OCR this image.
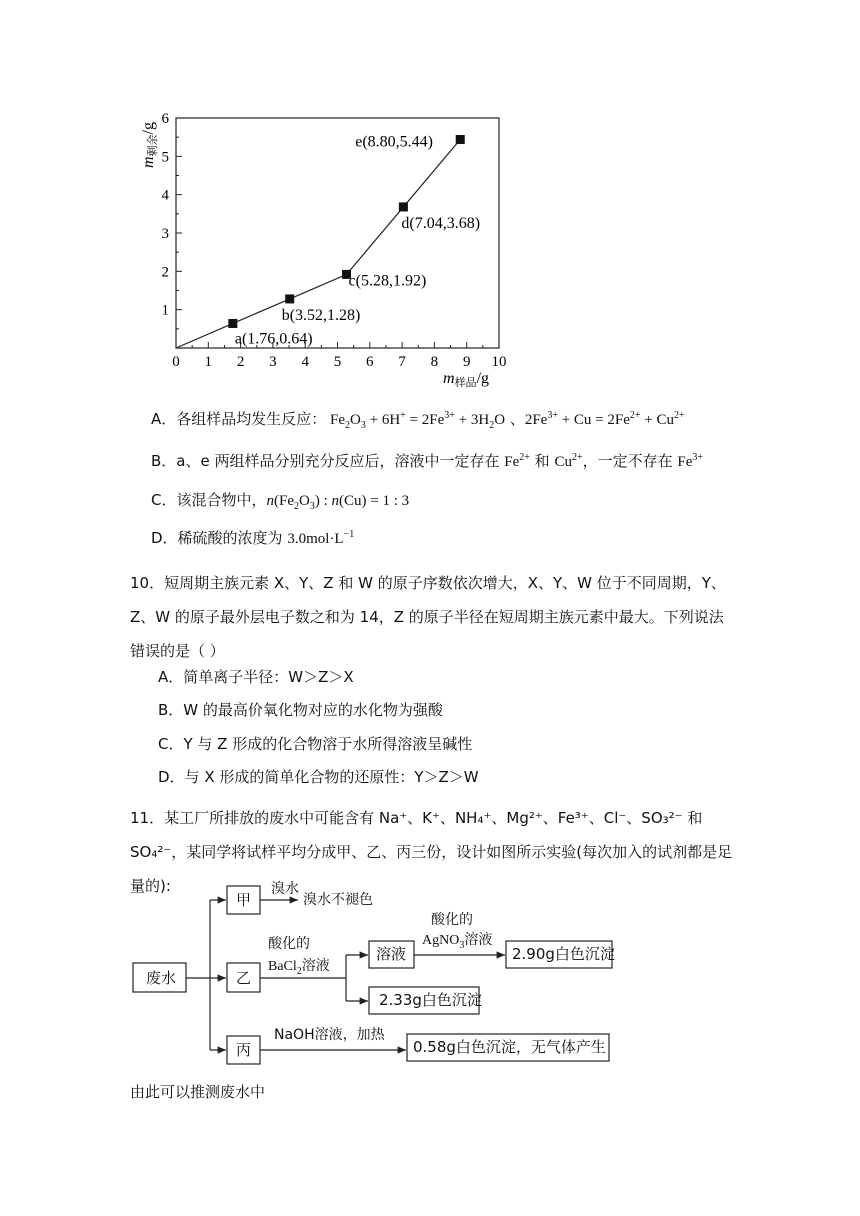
m剩余/g
0 1 2 3 4 5 6 7 8 9 10
1
2
3
4
5
6
a(1.76,0.64)
b(3.52,1.28)
c(5.28,1.92)
d(7.04,3.68)
e(8.80,5.44)
m样品/g
A．各组样品均发生反应： $Fe_2O_3 + 6H^+ = 2Fe^{3+} + 3H_2O$ 、$2Fe^{3+} + Cu = 2Fe^{2+} + Cu^{2+}$
B．a、e 两组样品分别充分反应后，溶液中一定存在 $Fe^{2+}$ 和 $Cu^{2+}$，一定不存在 $Fe^{3+}$
C．该混合物中，$n(Fe_2O_3)$ : n(Cu) = 1 : 3
D．稀硫酸的浓度为 $3.0mol\cdot L^{-1}$
10．短周期主族元素 X、Y、Z 和 W 的原子序数依次增大，X、Y、W 位于不同周期，Y、Z、W 的原子最外层电子数之和为 14，Z 的原子半径在短周期主族元素中最大。下列说法错误的是（ ）
A．简单离子半径：W＞Z＞X
B．W 的最高价氧化物对应的水化物为强酸
C．Y 与 Z 形成的化合物溶于水所得溶液呈碱性
D．与 X 形成的简单化合物的还原性：Y＞Z＞W
11．某工厂所排放的废水中可能含有 Na⁺、K⁺、NH₄⁺、Mg²⁺、Fe³⁺、Cl⁻、SO₃²⁻ 和 SO₄²⁻，某同学将试样平均分成甲、乙、丙三份，设计如图所示实验(每次加入的试剂都是足量的):
废水
甲
乙
丙
溴水
溴水不褪色
酸化的
BaCl$_2$溶液
溶液
酸化的
AgNO$_3$溶液
2.90g白色沉淀
2.33g白色沉淀
NaOH溶液，加热
0.58g白色沉淀，无气体产生
由此可以推测废水中
